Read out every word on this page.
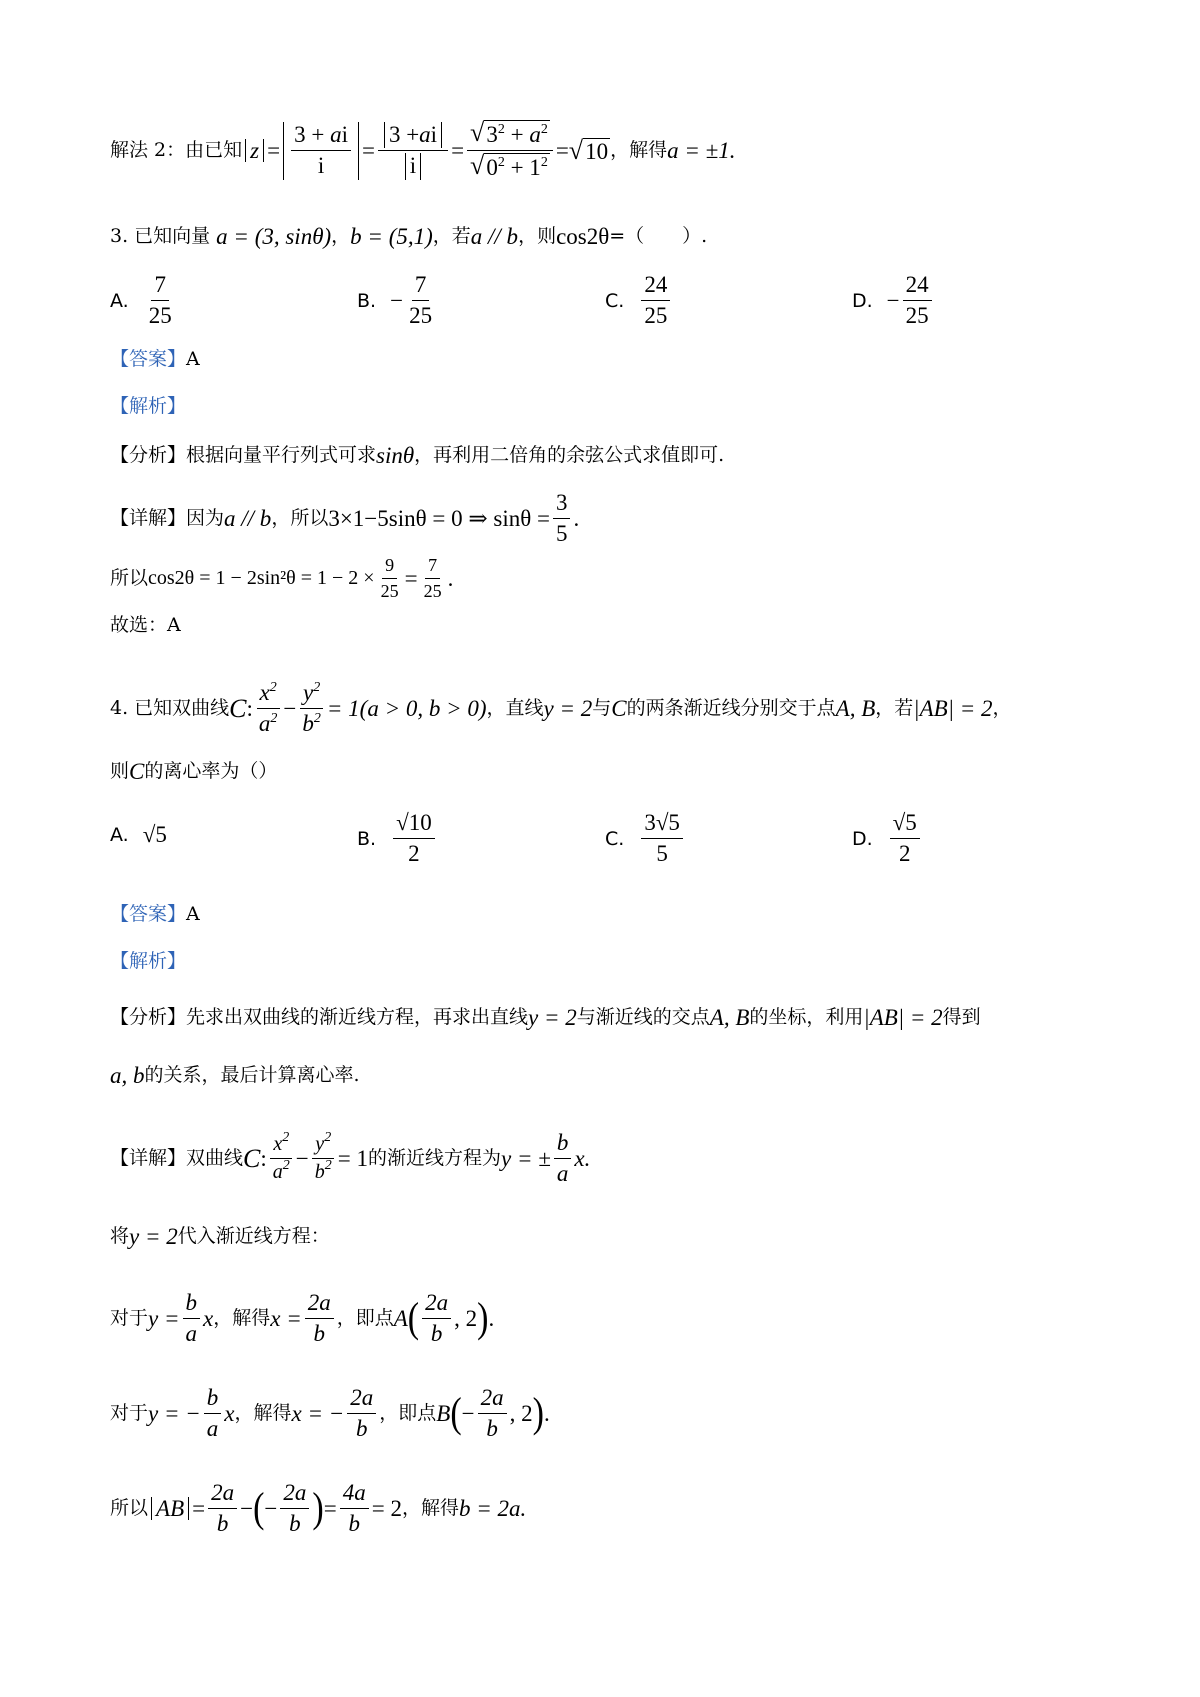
解法 2：由已知 $z = \frac{3 + ai}{i} = \frac{\text{3 + a i}}{i} = \frac{√ 3^2 + a^2}{√ 0^2 + 1^2}$ = √ 10 ，解得 a = ±1.
3. 已知向量 a = (3, sinθ) ， b = (5,1) ，若 a // b ，则 cos2θ =（　　）.
A. $\frac{7}{25}$	B. − $\frac{7}{25}$	C. $\frac{24}{25}$	D. − $\frac{24}{25}$
【答案】 A
【解析】
【分析】 根据向量平行列式可求 sinθ ，再利用二倍角的余弦公式求值即可.
【详解】 因为 a // b ，所以 3×1−5sinθ = 0 ⇒ $\sin\theta = \frac{3}{5}$ .
所以 $\cos 2\theta = 1 - 2\sin^2\theta = 1 - 2 \times \frac{9}{25} = \frac{7}{25}$ .
故选：A
4. 已知双曲线 C : $\frac{x^2}{a^2} - \frac{y^2}{b^2} = 1(a > 0$, b > 0) ，直线 y = 2 与 C 的两条渐近线分别交于点 A, B ，若 |AB| = 2 ，
则 C 的离心率为（）
A. √5	B. $\frac{√10}{2}$	C. $\frac{3√5}{5}$	D. $\frac{√5}{2}$
【答案】 A
【解析】
【分析】 先求出双曲线的渐近线方程，再求出直线 y = 2 与渐近线的交点 A, B 的坐标，利用 |AB| = 2 得到
a, b 的关系，最后计算离心率.
【详解】 双曲线 C : $\frac{x^2}{a^2} - \frac{y^2}{b^2} = 1$ 的渐近线方程为 y = ± $\frac{b}{a} x$.
将 y = 2 代入渐近线方程：
对于 $y = \frac{b}{a}$ x ，解得 $x = \frac{2a}{b}$ ，即点 A ( $\frac{2a}{b}$ , 2 ) .
对于 y = − $\frac{b}{a}$ x ，解得 x = − $\frac{2a}{b}$ ，即点 B ( − $\frac{2a}{b}$ , 2 ) .
所以 AB = $\frac{2a}{b}$ − ( − $\frac{2a}{b}$ ) = $\frac{4a}{b} = 2$ ，解得 b = 2a.
